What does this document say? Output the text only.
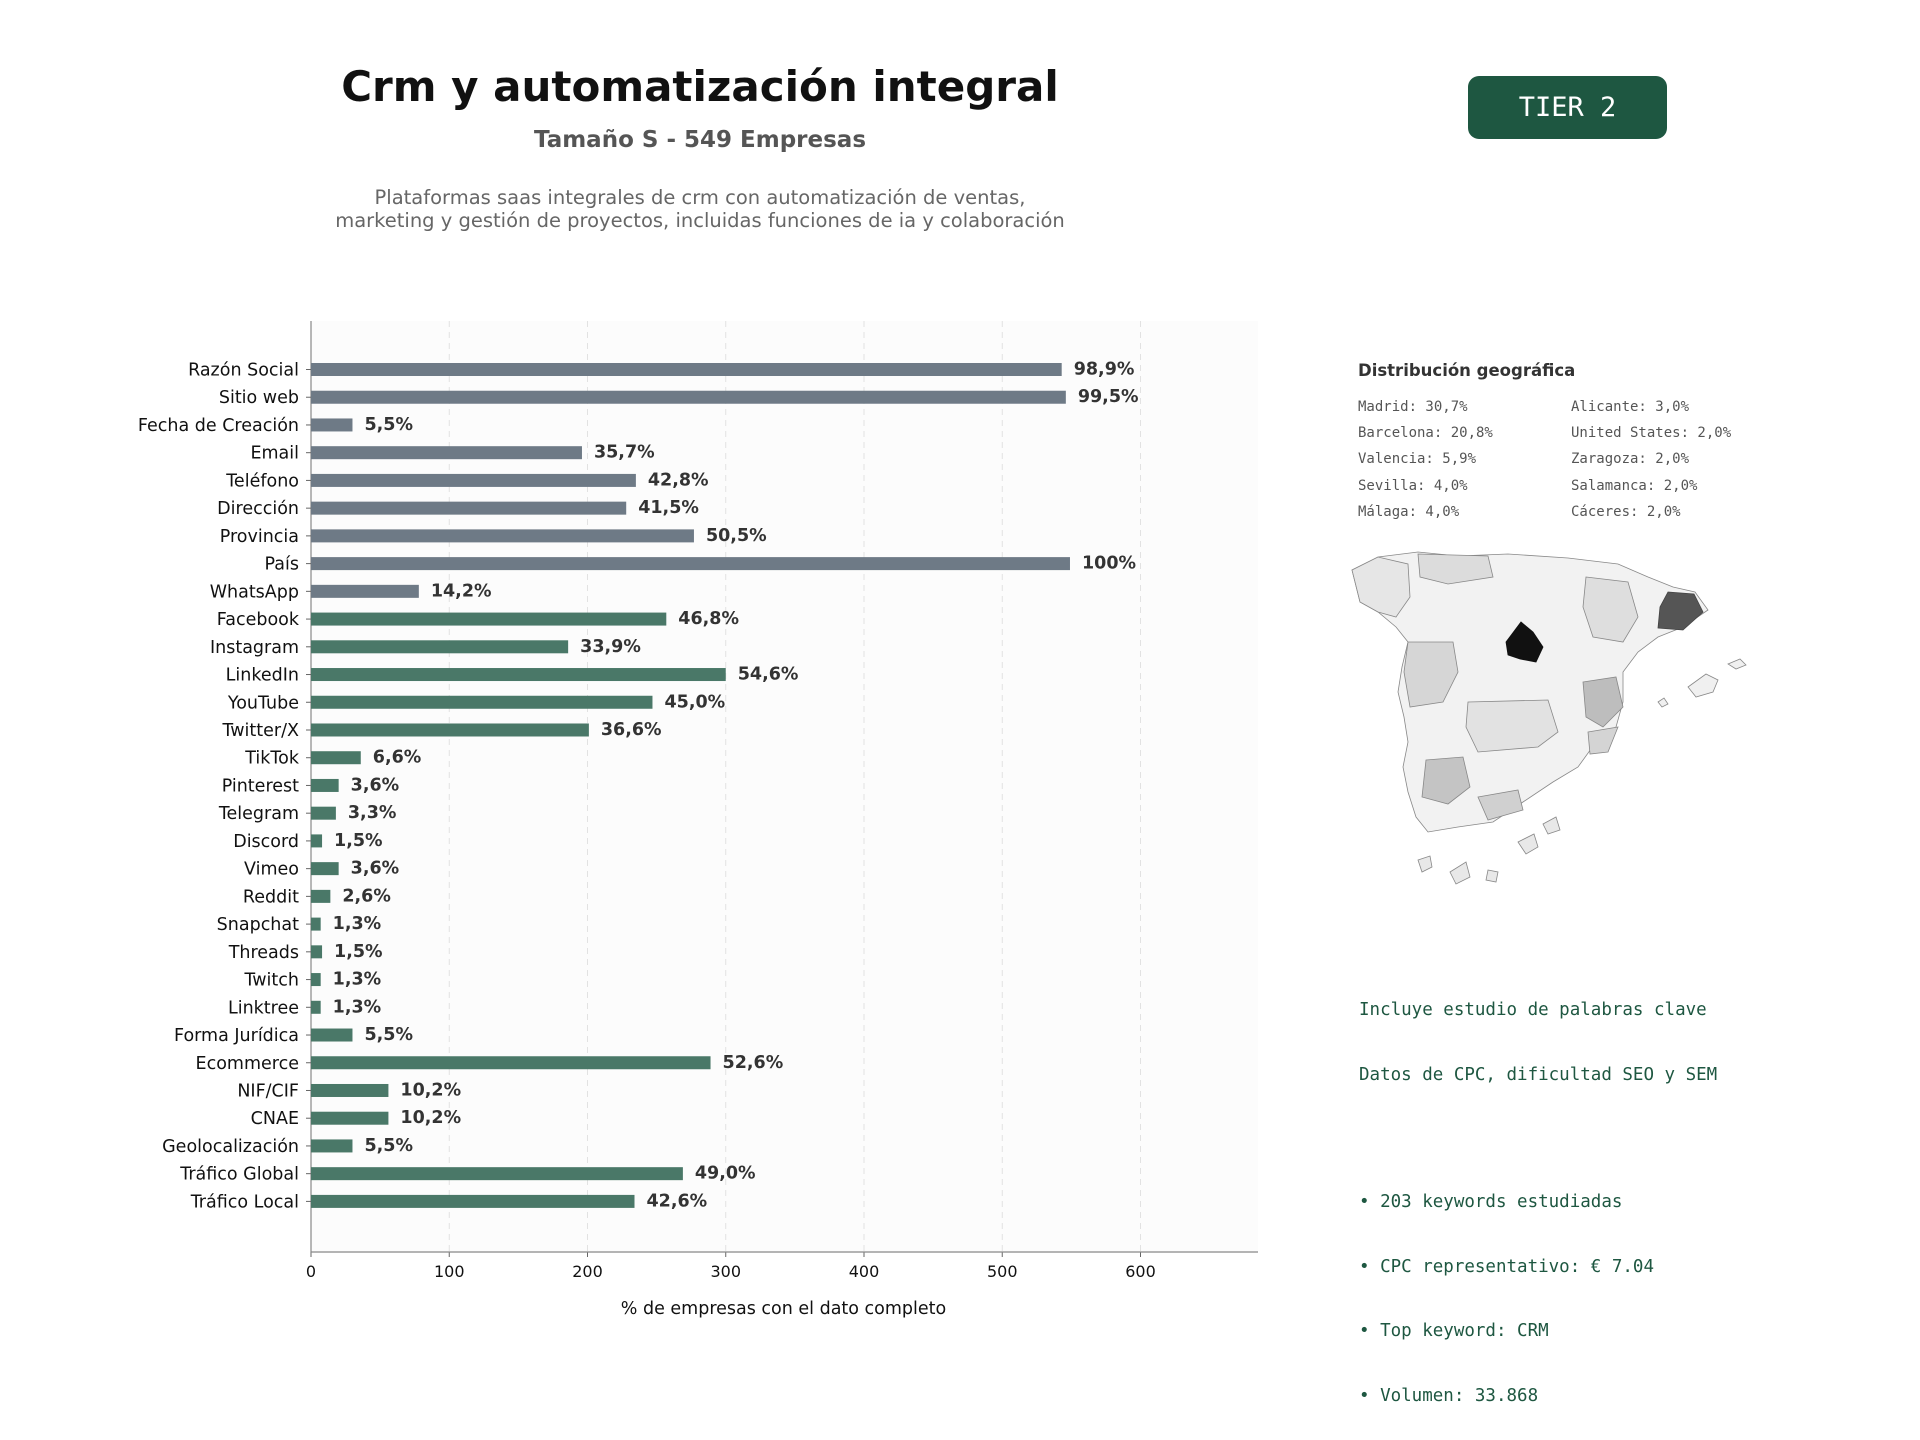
Crm y automatización integral
Tamaño S - 549 Empresas
Plataformas saas integrales de crm con automatización de ventas, marketing y gestión de proyectos, incluidas funciones de ia y colaboración
TIER 2
0	100	200	300	400	500	600
% de empresas con el dato completo
Razón Social	98,9%
Sitio web	99,5%
Fecha de Creación	5,5%
Email	35,7%
Teléfono	42,8%
Dirección	41,5%
Provincia	50,5%
País	100%
WhatsApp	14,2%
Facebook	46,8%
Instagram	33,9%
LinkedIn	54,6%
YouTube	45,0%
Twitter/X	36,6%
TikTok	6,6%
Pinterest	3,6%
Telegram	3,3%
Discord 1,5%
Vimeo	3,6%
Reddit 2,6%
Snapchat 1,3%
Threads 1,5%
Twitch 1,3%
Linktree 1,3%
Forma Jurídica	5,5%
Ecommerce	52,6%
NIF/CIF	10,2%
CNAE	10,2%
Geolocalización	5,5%
Tráfico Global	49,0%
Tráfico Local	42,6%
Distribución geográfica
Madrid: 30,7%
Barcelona: 20,8%
Valencia: 5,9%
Sevilla: 4,0%
Málaga: 4,0%
Alicante: 3,0%
United States: 2,0%
Zaragoza: 2,0%
Salamanca: 2,0%
Cáceres: 2,0%

Incluye estudio de palabras clave

Datos de CPC, dificultad SEO y SEM

• 203 keywords estudiadas

• CPC representativo: € 7.04

• Top keyword: CRM

• Volumen: 33.868
